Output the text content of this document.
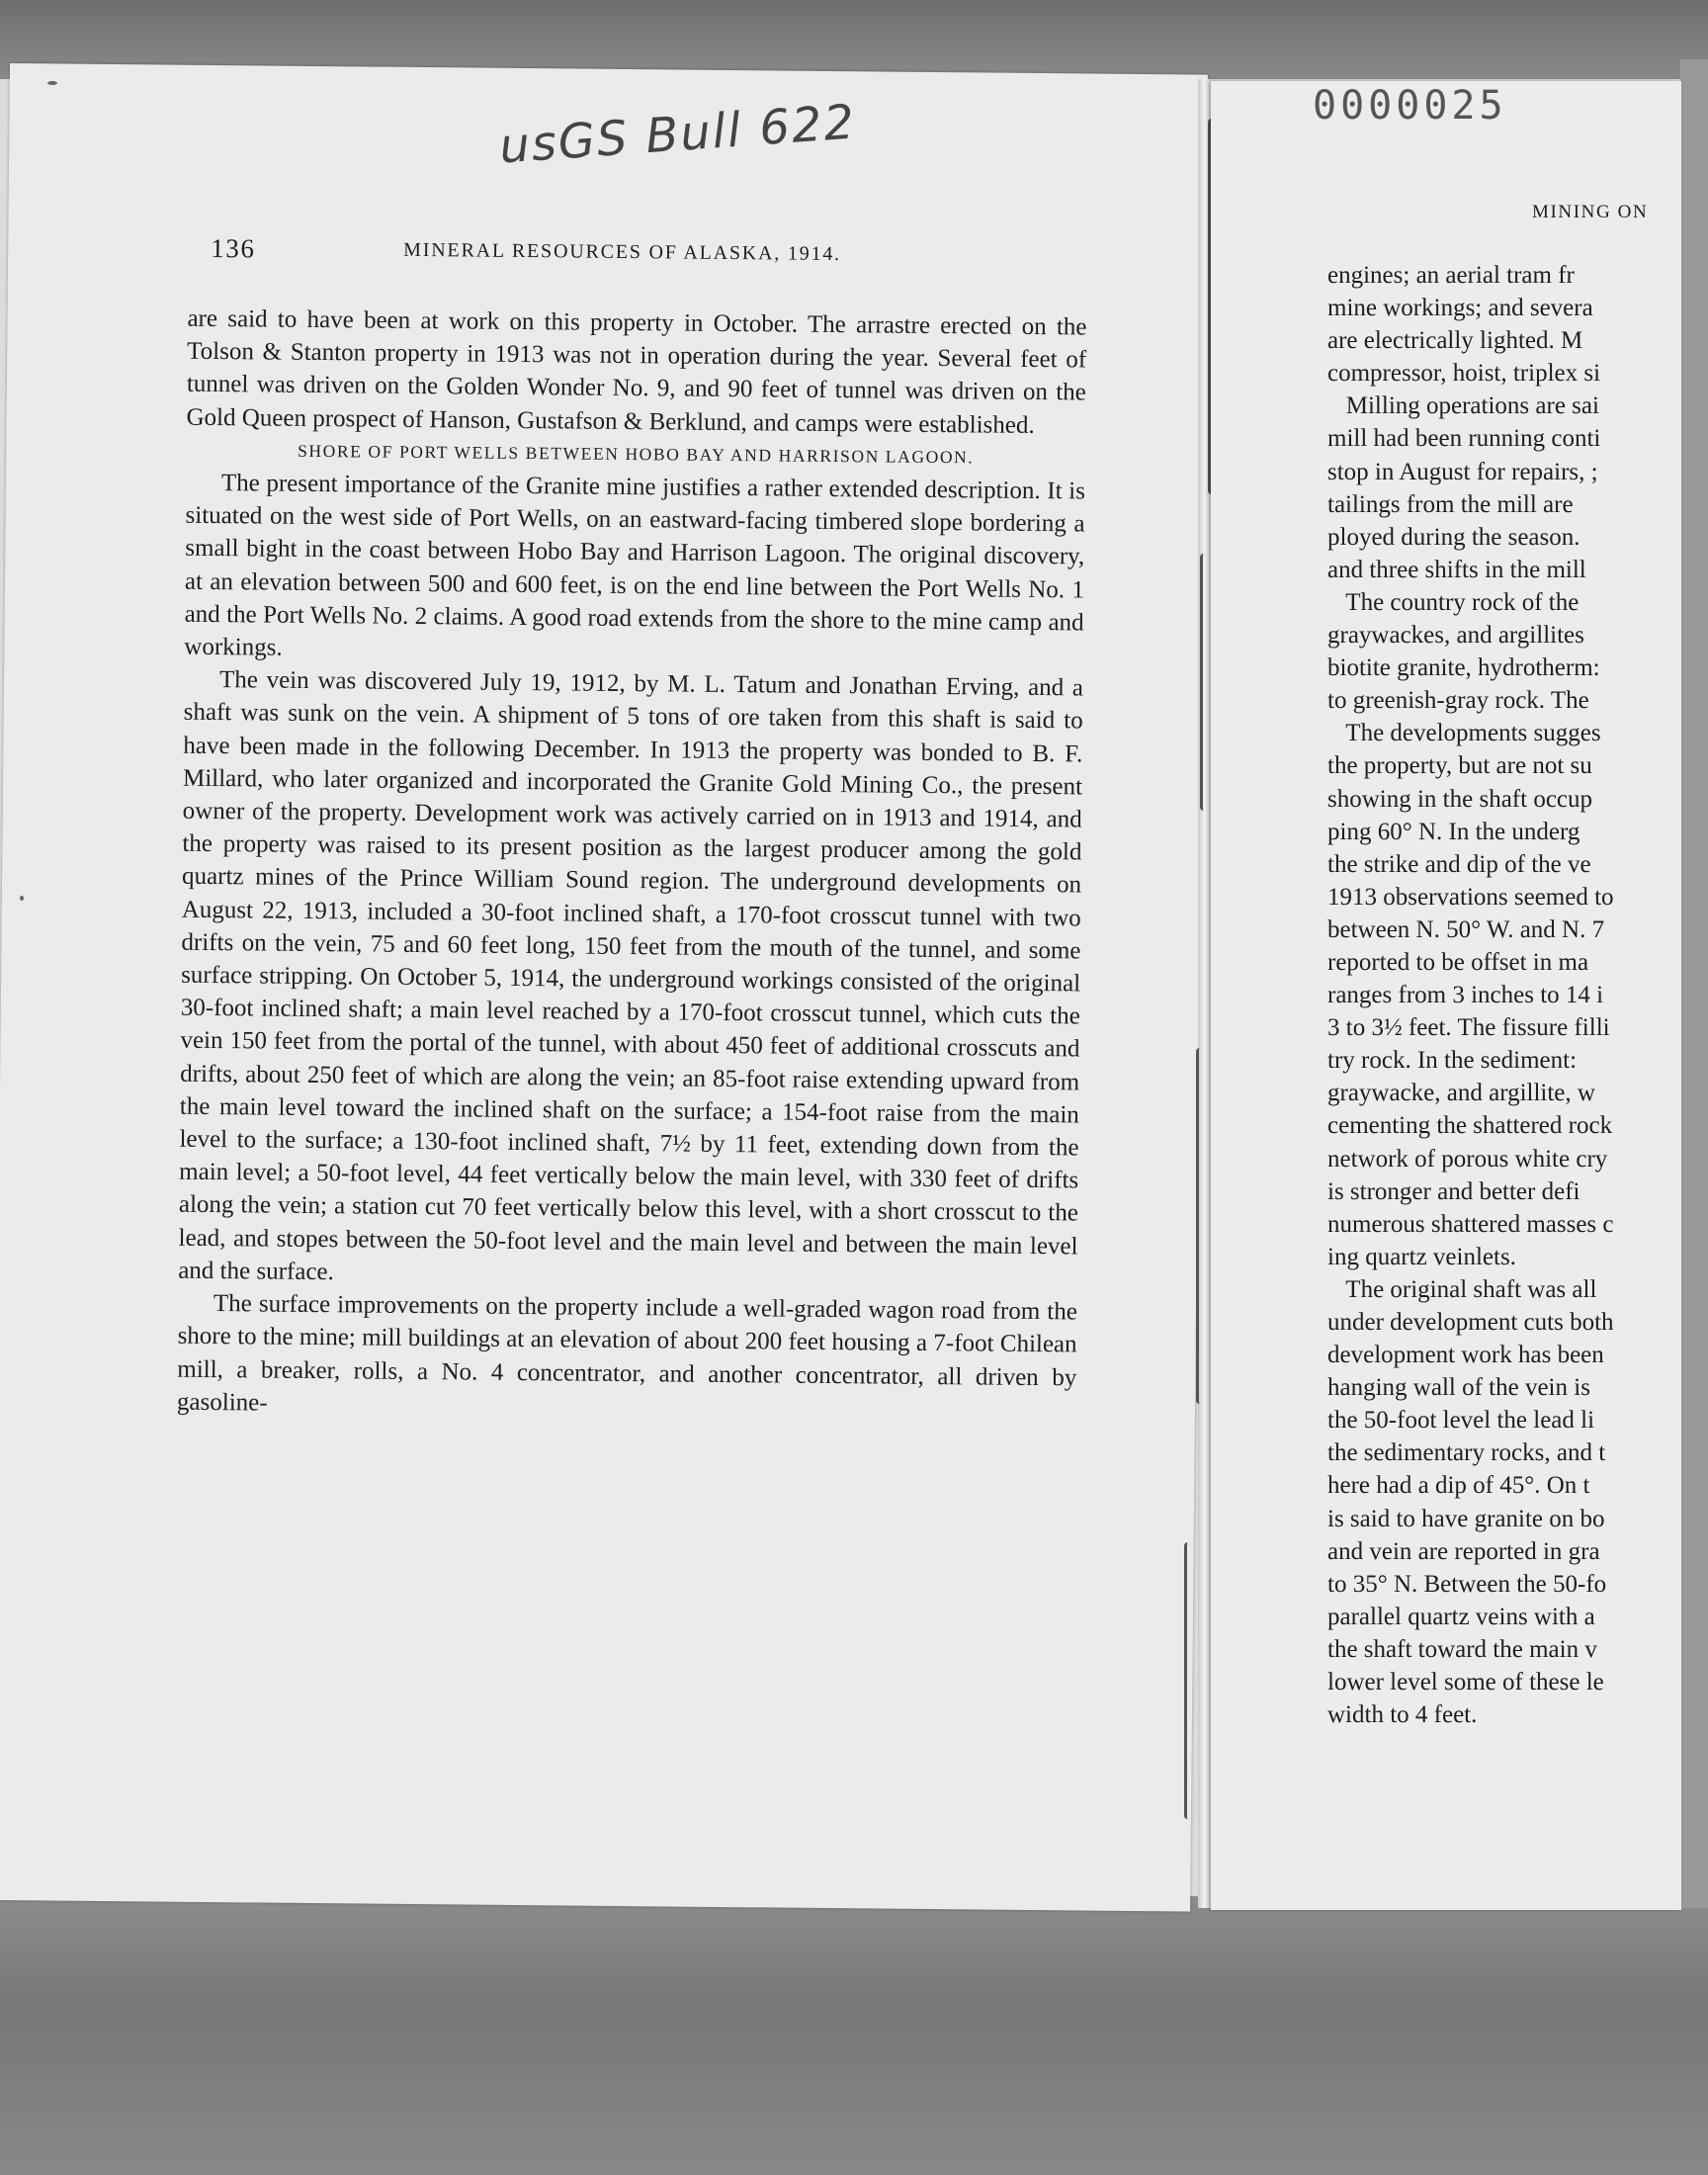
136	MINERAL RESOURCES OF ALASKA, 1914.

are said to have been at work on this property in October. The arrastre erected on the Tolson & Stanton property in 1913 was not in operation during the year. Several feet of tunnel was driven on the Golden Wonder No. 9, and 90 feet of tunnel was driven on the Gold Queen prospect of Hanson, Gustafson & Berklund, and camps were established.

SHORE OF PORT WELLS BETWEEN HOBO BAY AND HARRISON LAGOON.

The present importance of the Granite mine justifies a rather extended description. It is situated on the west side of Port Wells, on an eastward-facing timbered slope bordering a small bight in the coast between Hobo Bay and Harrison Lagoon. The original discovery, at an elevation between 500 and 600 feet, is on the end line between the Port Wells No. 1 and the Port Wells No. 2 claims. A good road extends from the shore to the mine camp and workings.

The vein was discovered July 19, 1912, by M. L. Tatum and Jonathan Erving, and a shaft was sunk on the vein. A shipment of 5 tons of ore taken from this shaft is said to have been made in the following December. In 1913 the property was bonded to B. F. Millard, who later organized and incorporated the Granite Gold Mining Co., the present owner of the property. Development work was actively carried on in 1913 and 1914, and the property was raised to its present position as the largest producer among the gold quartz mines of the Prince William Sound region. The underground developments on August 22, 1913, included a 30-foot inclined shaft, a 170-foot crosscut tunnel with two drifts on the vein, 75 and 60 feet long, 150 feet from the mouth of the tunnel, and some surface stripping. On October 5, 1914, the underground workings consisted of the original 30-foot inclined shaft; a main level reached by a 170-foot crosscut tunnel, which cuts the vein 150 feet from the portal of the tunnel, with about 450 feet of additional crosscuts and drifts, about 250 feet of which are along the vein; an 85-foot raise extending upward from the main level toward the inclined shaft on the surface; a 154-foot raise from the main level to the surface; a 130-foot inclined shaft, 7½ by 11 feet, extending down from the main level; a 50-foot level, 44 feet vertically below the main level, with 330 feet of drifts along the vein; a station cut 70 feet vertically below this level, with a short crosscut to the lead, and stopes between the 50-foot level and the main level and between the main level and the surface.

The surface improvements on the property include a well-graded wagon road from the shore to the mine; mill buildings at an elevation of about 200 feet housing a 7-foot Chilean mill, a breaker, rolls, a No. 4 concentrator, and another concentrator, all driven by gasoline-

MINING ON
engines; an aerial tram fr
mine workings; and severa
are electrically lighted. M
compressor, hoist, triplex si
Milling operations are sai
mill had been running conti
stop in August for repairs, ;
tailings from the mill are
ployed during the season.
and three shifts in the mill
The country rock of the
graywackes, and argillites
biotite granite, hydrotherm:
to greenish-gray rock. The
The developments sugges
the property, but are not su
showing in the shaft occup
ping 60° N. In the underg
the strike and dip of the ve
1913 observations seemed to
between N. 50° W. and N. 7
reported to be offset in ma
ranges from 3 inches to 14 i
3 to 3½ feet. The fissure filli
try rock. In the sediment:
graywacke, and argillite, w
cementing the shattered rock
network of porous white cry
is stronger and better defi
numerous shattered masses c
ing quartz veinlets.
The original shaft was all
under development cuts both
development work has been
hanging wall of the vein is
the 50-foot level the lead li
the sedimentary rocks, and t
here had a dip of 45°. On t
is said to have granite on bo
and vein are reported in gra
to 35° N. Between the 50-fo
parallel quartz veins with a
the shaft toward the main v
lower level some of these le
width to 4 feet.
usGS Bull 622	0000025
